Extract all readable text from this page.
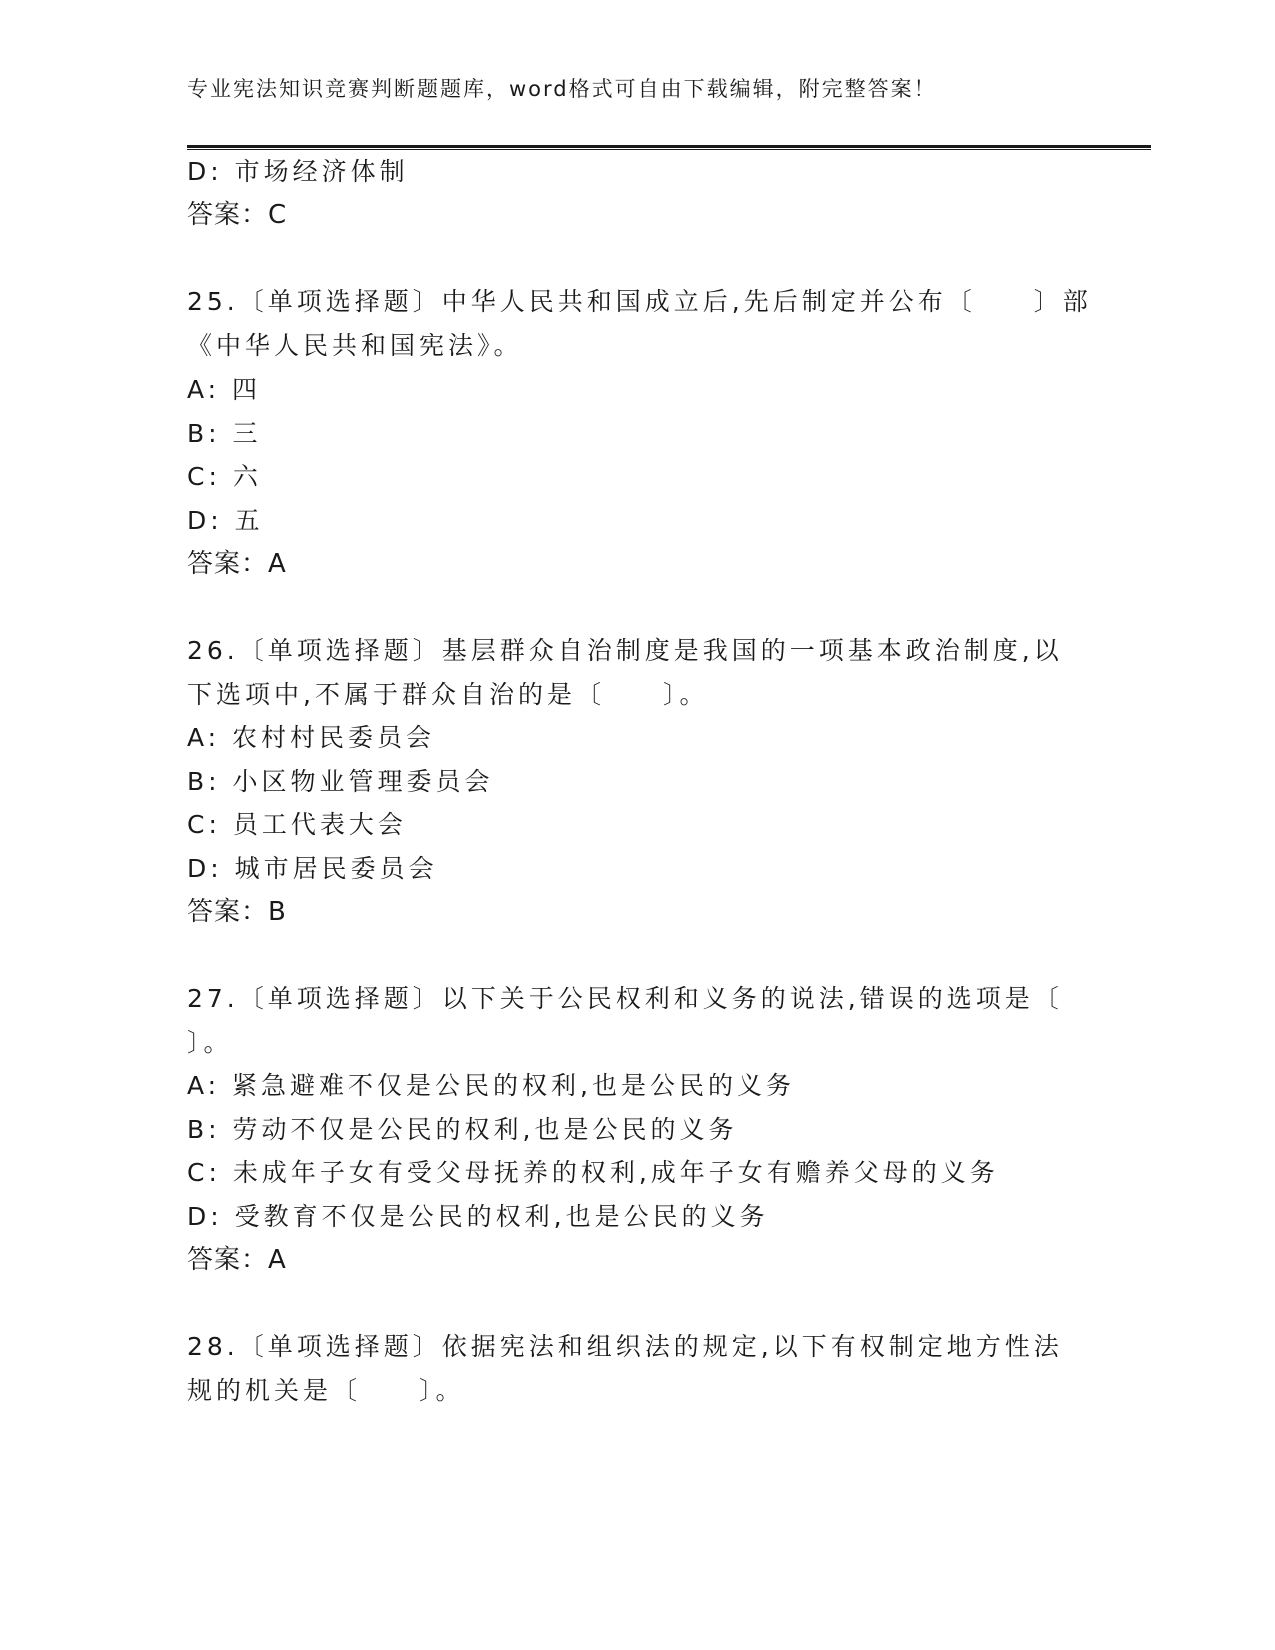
专业宪法知识竞赛判断题题库，word格式可自由下载编辑，附完整答案！
D: 市场经济体制
答案：C
25.〔单项选择题〕中华人民共和国成立后,先后制定并公布〔　　〕部
《中华人民共和国宪法》。
A: 四
B: 三
C: 六
D: 五
答案：A
26.〔单项选择题〕基层群众自治制度是我国的一项基本政治制度,以
下选项中,不属于群众自治的是〔　　〕。
A: 农村村民委员会
B: 小区物业管理委员会
C: 员工代表大会
D: 城市居民委员会
答案：B
27.〔单项选择题〕以下关于公民权利和义务的说法,错误的选项是〔
〕。
A: 紧急避难不仅是公民的权利,也是公民的义务
B: 劳动不仅是公民的权利,也是公民的义务
C: 未成年子女有受父母抚养的权利,成年子女有赡养父母的义务
D: 受教育不仅是公民的权利,也是公民的义务
答案：A
28.〔单项选择题〕依据宪法和组织法的规定,以下有权制定地方性法
规的机关是〔　　〕。
